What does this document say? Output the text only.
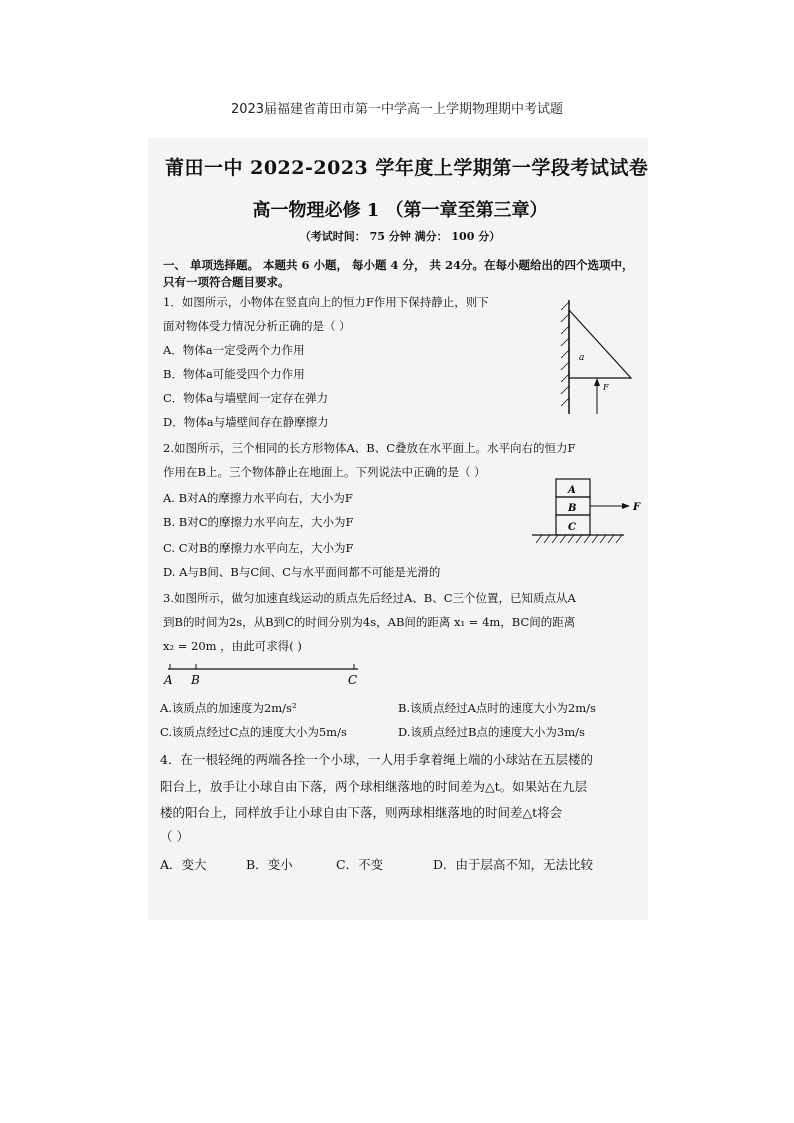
2023届福建省莆田市第一中学高一上学期物理期中考试题
莆田一中 2022-2023 学年度上学期第一学段考试试卷
高一物理必修 1 （第一章至第三章）
（考试时间： 75 分钟 满分： 100 分）
一、 单项选择题。 本题共 6 小题， 每小题 4 分， 共 24分。在每小题给出的四个选项中，只有一项符合题目要求。
1．如图所示，小物体在竖直向上的恒力F作用下保持静止，则下
面对物体受力情况分析正确的是（ ）
A．物体a一定受两个力作用
B．物体a可能受四个力作用
C．物体a与墙壁间一定存在弹力
D．物体a与墙壁间存在静摩擦力
a
F
2.如图所示，三个相同的长方形物体A、B、C叠放在水平面上。水平向右的恒力F
作用在B上。三个物体静止在地面上。下列说法中正确的是（ ）
A. B对A的摩擦力水平向右，大小为F
B. B对C的摩擦力水平向左，大小为F
C. C对B的摩擦力水平向左，大小为F
D. A与B间、B与C间、C与水平面间都不可能是光滑的
A
B
C
F
3.如图所示，做匀加速直线运动的质点先后经过A、B、C三个位置，已知质点从A
到B的时间为2s，从B到C的时间分别为4s，AB间的距离 x₁ = 4m，BC间的距离
x₂ = 20m ，由此可求得( )
A B	C
A.该质点的加速度为2m/s²	B.该质点经过A点时的速度大小为2m/s
C.该质点经过C点的速度大小为5m/s	D.该质点经过B点的速度大小为3m/s
4．在一根轻绳的两端各拴一个小球，一人用手拿着绳上端的小球站在五层楼的
阳台上，放手让小球自由下落，两个球相继落地的时间差为△t。如果站在九层
楼的阳台上，同样放手让小球自由下落，则两球相继落地的时间差△t将会
（ ）
A．变大	B．变小	C．不变	D．由于层高不知，无法比较
